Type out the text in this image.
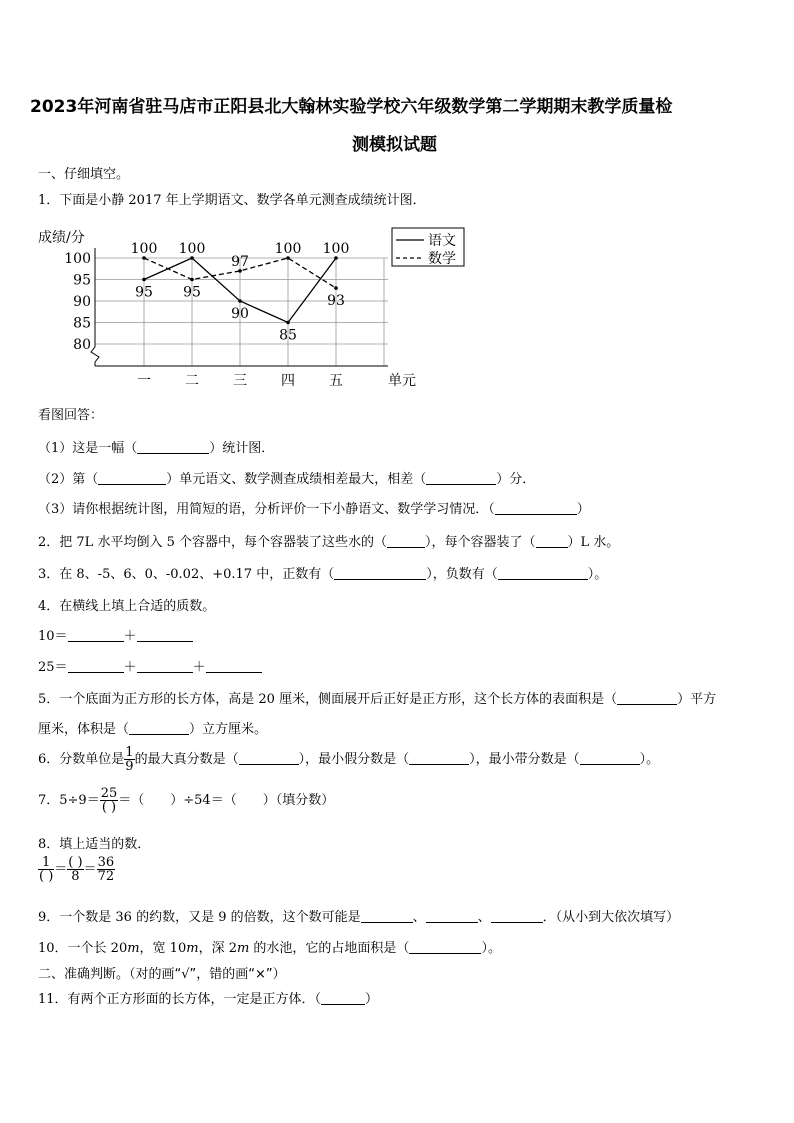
2023年河南省驻马店市正阳县北大翰林实验学校六年级数学第二学期期末教学质量检
测模拟试题
一、仔细填空。
1．下面是小静 2017 年上学期语文、数学各单元测查成绩统计图．
100
95
90
85
80
一 二 三 四 五	单元
成绩/分
95
100
90
85
100
100
95
97
100
93
语文
数学
看图回答：
（1）这是一幅（	）统计图．
（2）第（	）单元语文、数学测查成绩相差最大，相差（	）分．
（3）请你根据统计图，用简短的语，分析评价一下小静语文、数学学习情况．（	）
2．把 7L 水平均倒入 5 个容器中，每个容器装了这些水的（	），每个容器装了（ ）L 水。
3．在 8、-5、6、0、-0.02、+0.17 中，正数有（	），负数有（	）。
4．在横线上填上合适的质数。
10＝	＋
25＝	＋	＋
5．一个底面为正方形的长方体，高是 20 厘米，侧面展开后正好是正方形，这个长方体的表面积是（	）平方
厘米，体积是（	）立方厘米。
6．分数单位是 $\frac{1}{9}$ 的最大真分数是（	），最小假分数是（	），最小带分数是（	）。
7．$5\div 9= \frac{25}{( )}$ ＝（　　）÷54＝（　　）（填分数）
8．填上适当的数．
$\frac{1}{( )} = \frac{( )}{8} = \frac{36}{72}$
9．一个数是 36 的约数，又是 9 的倍数，这个数可能是	、	、	．（从小到大依次填写）
10．一个长 20m，宽 10m，深 2m 的水池，它的占地面积是（	）。
二、准确判断。（对的画“√”，错的画“×”）
11．有两个正方形面的长方体，一定是正方体．（	）
